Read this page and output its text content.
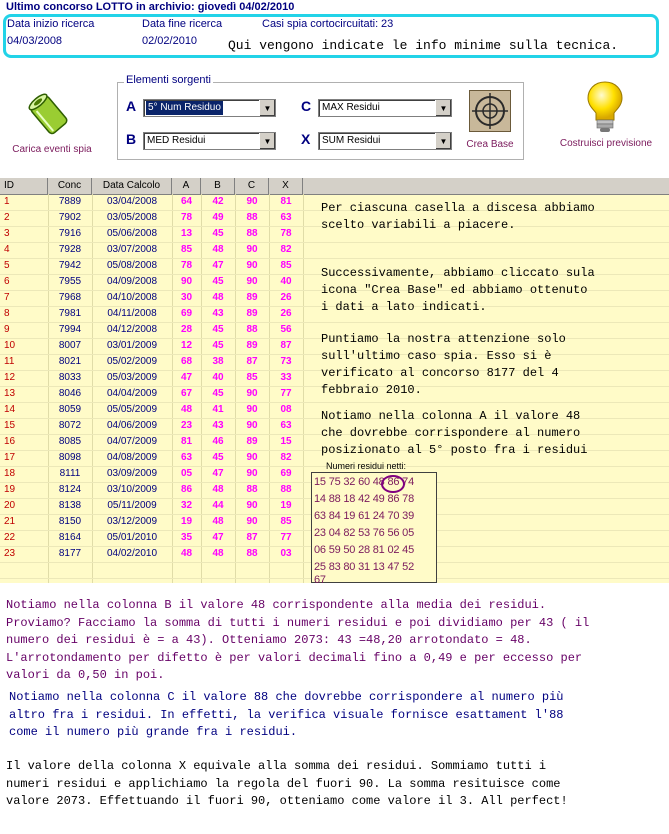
Ultimo concorso LOTTO in archivio: giovedì 04/02/2010
Data inizio ricerca
04/03/2008
Data fine ricerca
02/02/2010
Casi spia cortocircuitati: 23
Qui vengono indicate le info minime sulla tecnica.
Carica eventi spia
Elementi sorgenti
A 5° Num Residuo	▼
B MED Residui	▼
C MAX Residui	▼
X SUM Residui	▼	Crea Base	Costruisci previsione
ID	Conc	Data Calcolo	A	B	C	X
1	7889	03/04/2008	64	42	90	81
2	7902	03/05/2008	78	49	88	63
3	7916	05/06/2008	13	45	88	78
4	7928	03/07/2008	85	48	90	82
5	7942	05/08/2008	78	47	90	85
6	7955	04/09/2008	90	45	90	40
7	7968	04/10/2008	30	48	89	26
8	7981	04/11/2008	69	43	89	26
9	7994	04/12/2008	28	45	88	56
10	8007	03/01/2009	12	45	89	87
11	8021	05/02/2009	68	38	87	73
12	8033	05/03/2009	47	40	85	33
13	8046	04/04/2009	67	45	90	77
14	8059	05/05/2009	48	41	90	08
15	8072	04/06/2009	23	43	90	63
16	8085	04/07/2009	81	46	89	15
17	8098	04/08/2009	63	45	90	82
18	8111	03/09/2009	05	47	90	69
19	8124	03/10/2009	86	48	88	88
20	8138	05/11/2009	32	44	90	19
21	8150	03/12/2009	19	48	90	85
22	8164	05/01/2010	35	47	87	77
23	8177	04/02/2010	48	48	88	03
Per ciascuna casella a discesa abbiamo
scelto variabili a piacere.
Successivamente, abbiamo cliccato sula
icona "Crea Base" ed abbiamo ottenuto
i dati a lato indicati.
Puntiamo la nostra attenzione solo
sull'ultimo caso spia. Esso si è
verificato al concorso 8177 del 4
febbraio 2010.
Notiamo nella colonna A il valore 48
che dovrebbe corrispondere al numero
posizionato al 5° posto fra i residui
Numeri residui netti:
15 75 32 60 48 86 74
14 88 18 42 49 86 78
63 84 19 61 24 70 39
23 04 82 53 76 56 05
06 59 50 28 81 02 45
25 83 80 31 13 47 52
67
Notiamo nella colonna B il valore 48 corrispondente alla media dei residui.
Proviamo? Facciamo la somma di tutti i numeri residui e poi dividiamo per 43 ( il
numero dei residui è = a 43). Otteniamo 2073: 43 =48,20 arrotondato = 48.
L'arrotondamento per difetto è per valori decimali fino a 0,49 e per eccesso per
valori da 0,50 in poi.
Notiamo nella colonna C il valore 88 che dovrebbe corrispondere al numero più
altro fra i residui. In effetti, la verifica visuale fornisce esattament l'88
come il numero più grande fra i residui.
Il valore della colonna X equivale alla somma dei residui. Sommiamo tutti i
numeri residui e applichiamo la regola del fuori 90. La somma resituisce come
valore 2073. Effettuando il fuori 90, otteniamo come valore il 3. All perfect!
